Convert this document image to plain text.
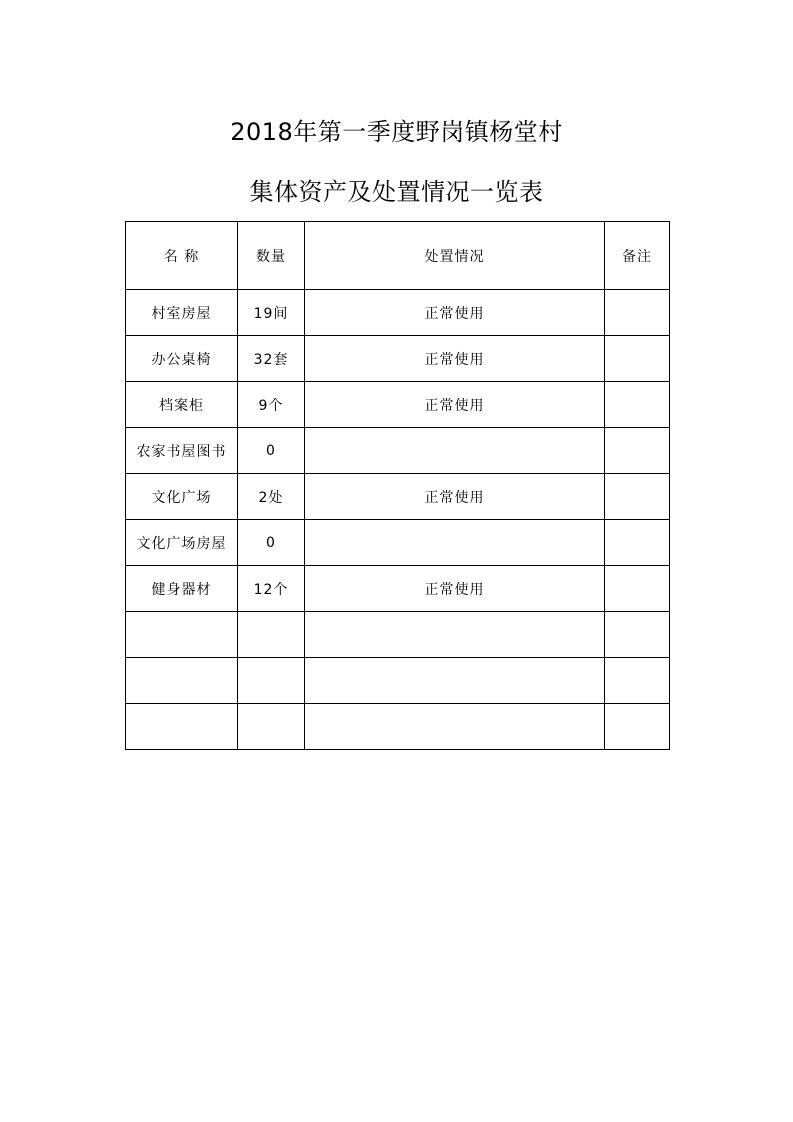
2018年第一季度野岗镇杨堂村
集体资产及处置情况一览表
名 称	数量	处置情况	备注
村室房屋	19间	正常使用	
办公桌椅	32套	正常使用	
档案柜	9个	正常使用	
农家书屋图书	0		
文化广场	2处	正常使用	
文化广场房屋	0		
健身器材	12个	正常使用	
